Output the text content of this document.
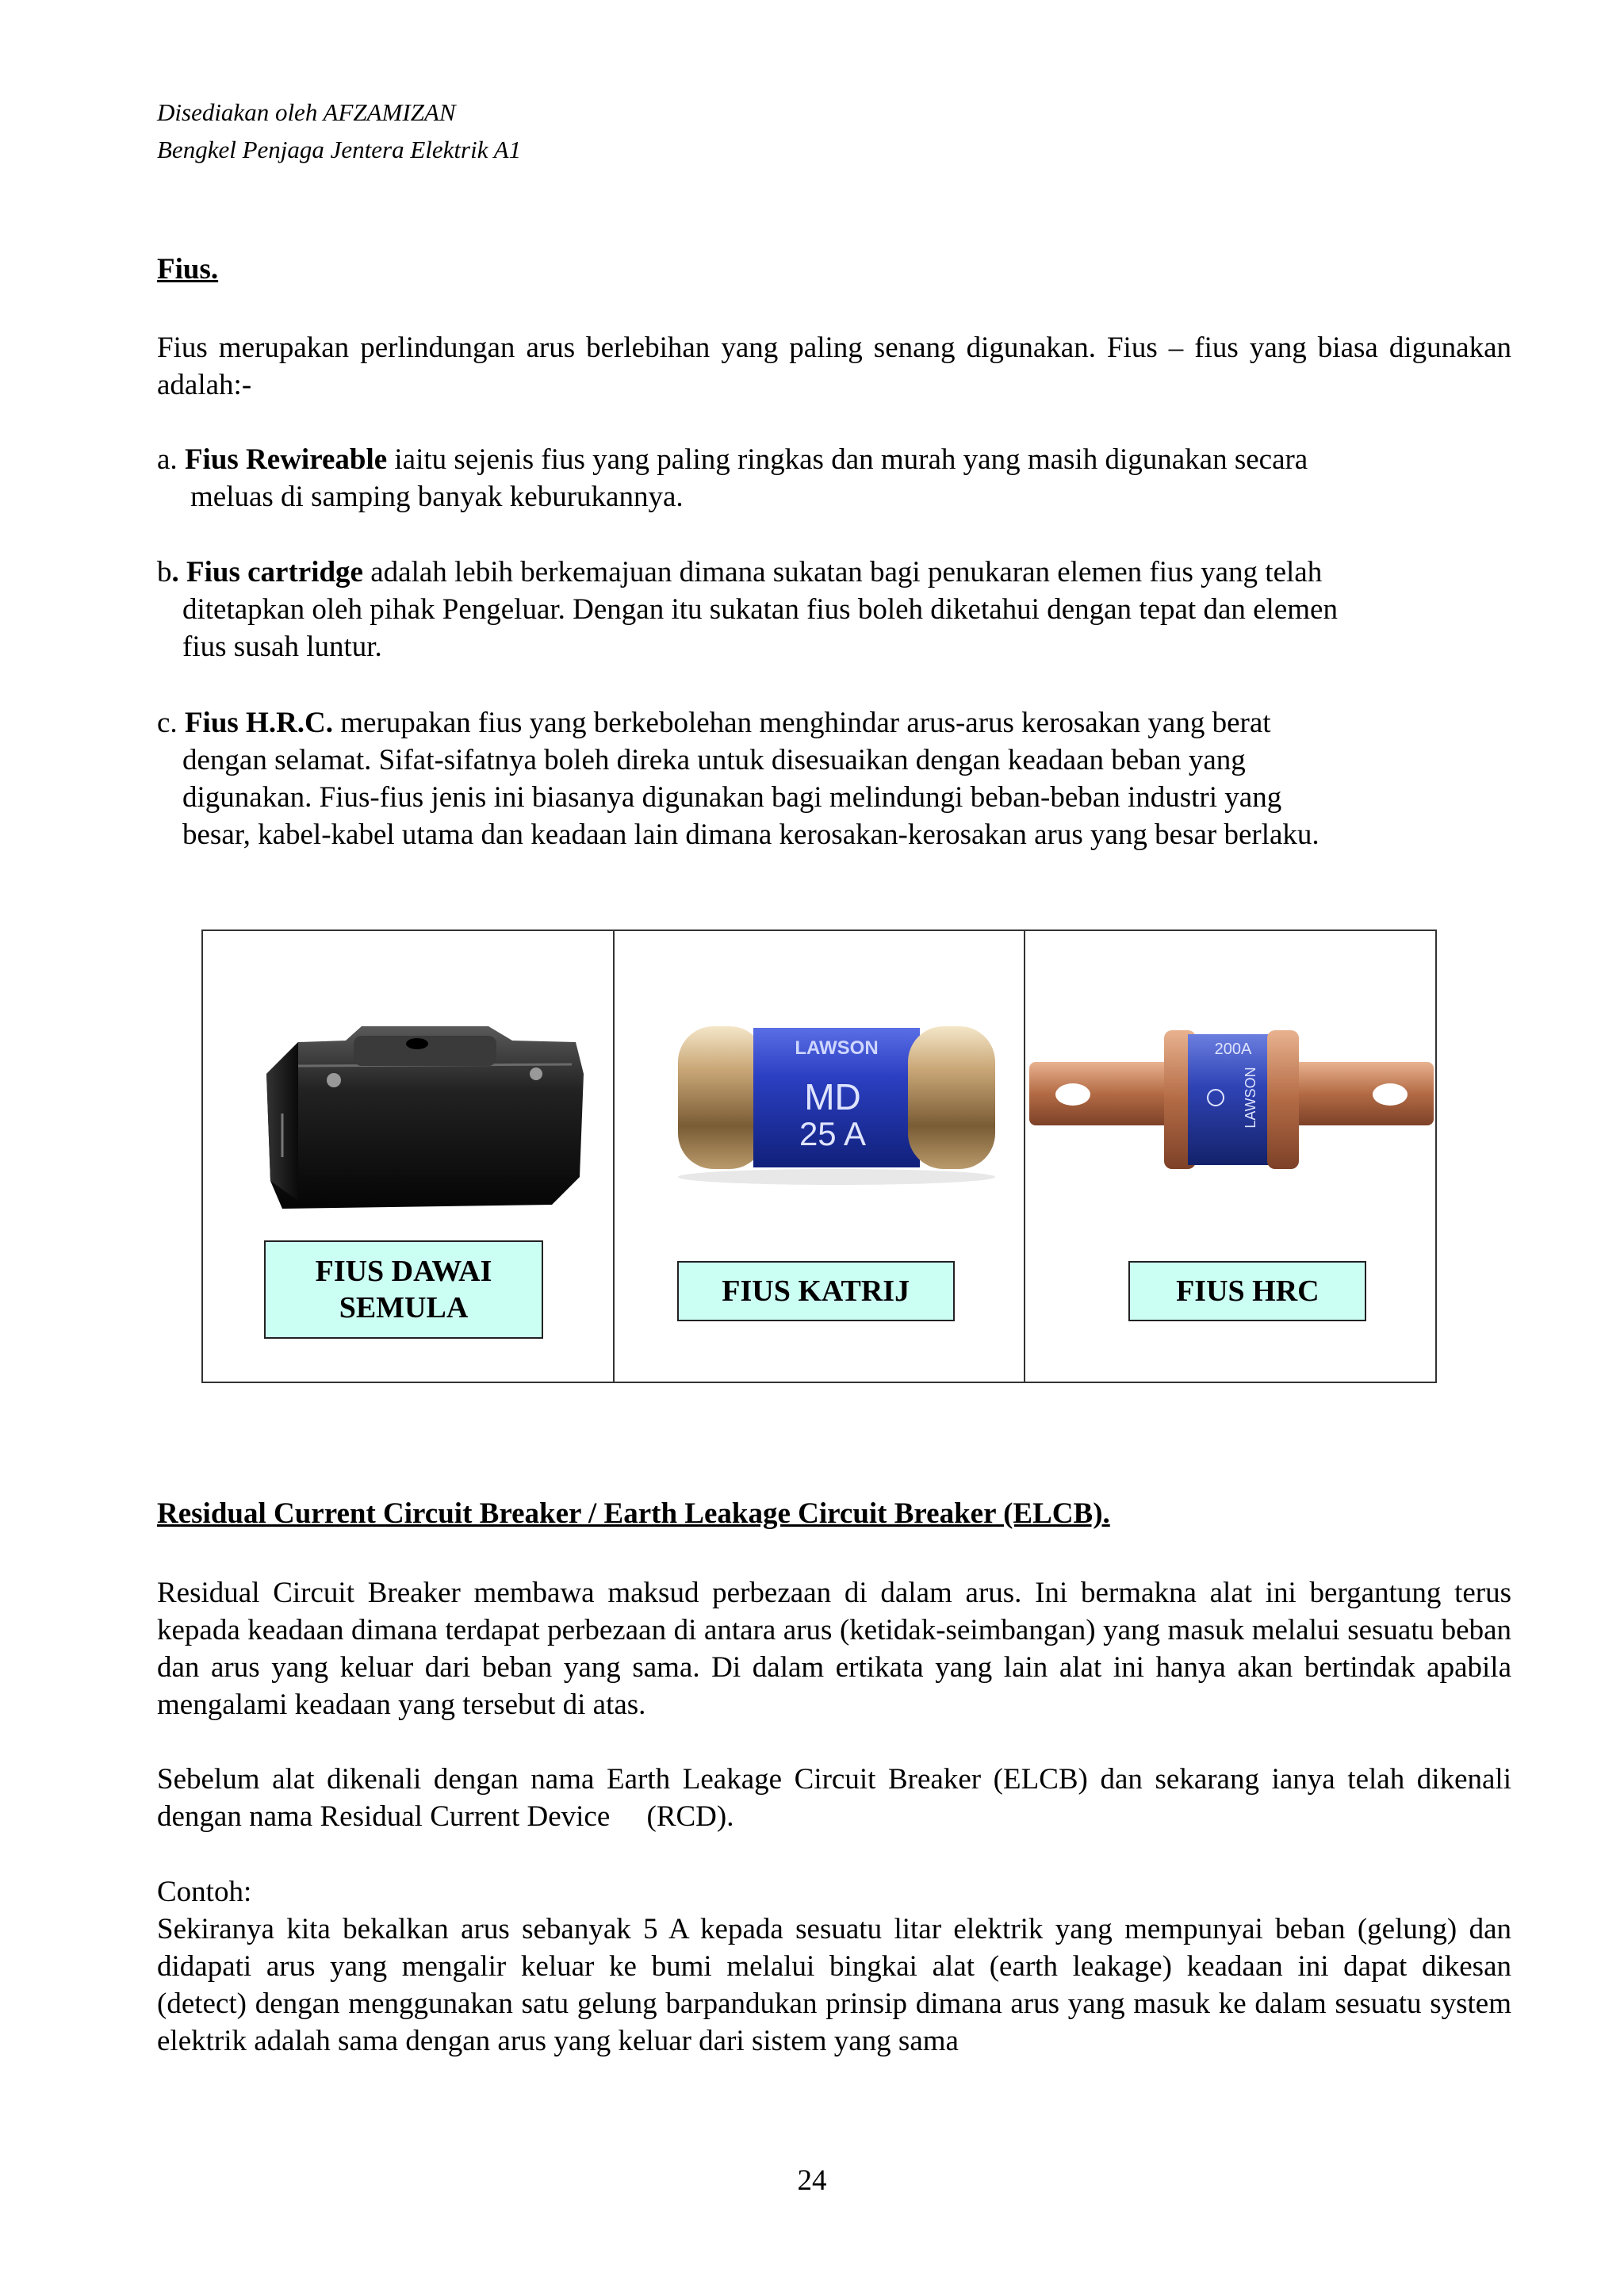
Disediakan oleh AFZAMIZAN
Bengkel Penjaga Jentera Elektrik A1
Fius.

Fius merupakan perlindungan arus berlebihan yang paling senang digunakan. Fius – fius yang biasa digunakan adalah:-

a. Fius Rewireable iaitu sejenis fius yang paling ringkas dan murah yang masih digunakan secara
meluas di samping banyak keburukannya.
b. Fius cartridge adalah lebih berkemajuan dimana sukatan bagi penukaran elemen fius yang telah
ditetapkan oleh pihak Pengeluar. Dengan itu sukatan fius boleh diketahui dengan tepat dan elemen
fius susah luntur.
c. Fius H.R.C. merupakan fius yang berkebolehan menghindar arus-arus kerosakan yang berat
dengan selamat. Sifat-sifatnya boleh direka untuk disesuaikan dengan keadaan beban yang
digunakan. Fius-fius jenis ini biasanya digunakan bagi melindungi beban-beban industri yang
besar, kabel-kabel utama dan keadaan lain dimana kerosakan-kerosakan arus yang besar berlaku.
FIUS DAWAI
SEMULA
LAWSON
MD
25 A
FIUS KATRIJ
200A
LAWSON
FIUS HRC
Residual Current Circuit Breaker / Earth Leakage Circuit Breaker (ELCB).

Residual Circuit Breaker membawa maksud perbezaan di dalam arus. Ini bermakna alat ini bergantung terus kepada keadaan dimana terdapat perbezaan di antara arus (ketidak-seimbangan) yang masuk melalui sesuatu beban dan arus yang keluar dari beban yang sama. Di dalam ertikata yang lain alat ini hanya akan bertindak apabila mengalami keadaan yang tersebut di atas.

Sebelum alat dikenali dengan nama Earth Leakage Circuit Breaker (ELCB) dan sekarang ianya telah dikenali dengan nama Residual Current Device     (RCD).

Contoh:

Sekiranya kita bekalkan arus sebanyak 5 A kepada sesuatu litar elektrik yang mempunyai beban (gelung) dan didapati arus yang mengalir keluar ke bumi melalui bingkai alat (earth leakage) keadaan ini dapat dikesan     (detect) dengan menggunakan satu gelung barpandukan prinsip dimana arus yang masuk ke dalam sesuatu system elektrik adalah sama dengan arus yang keluar dari sistem yang sama

24
